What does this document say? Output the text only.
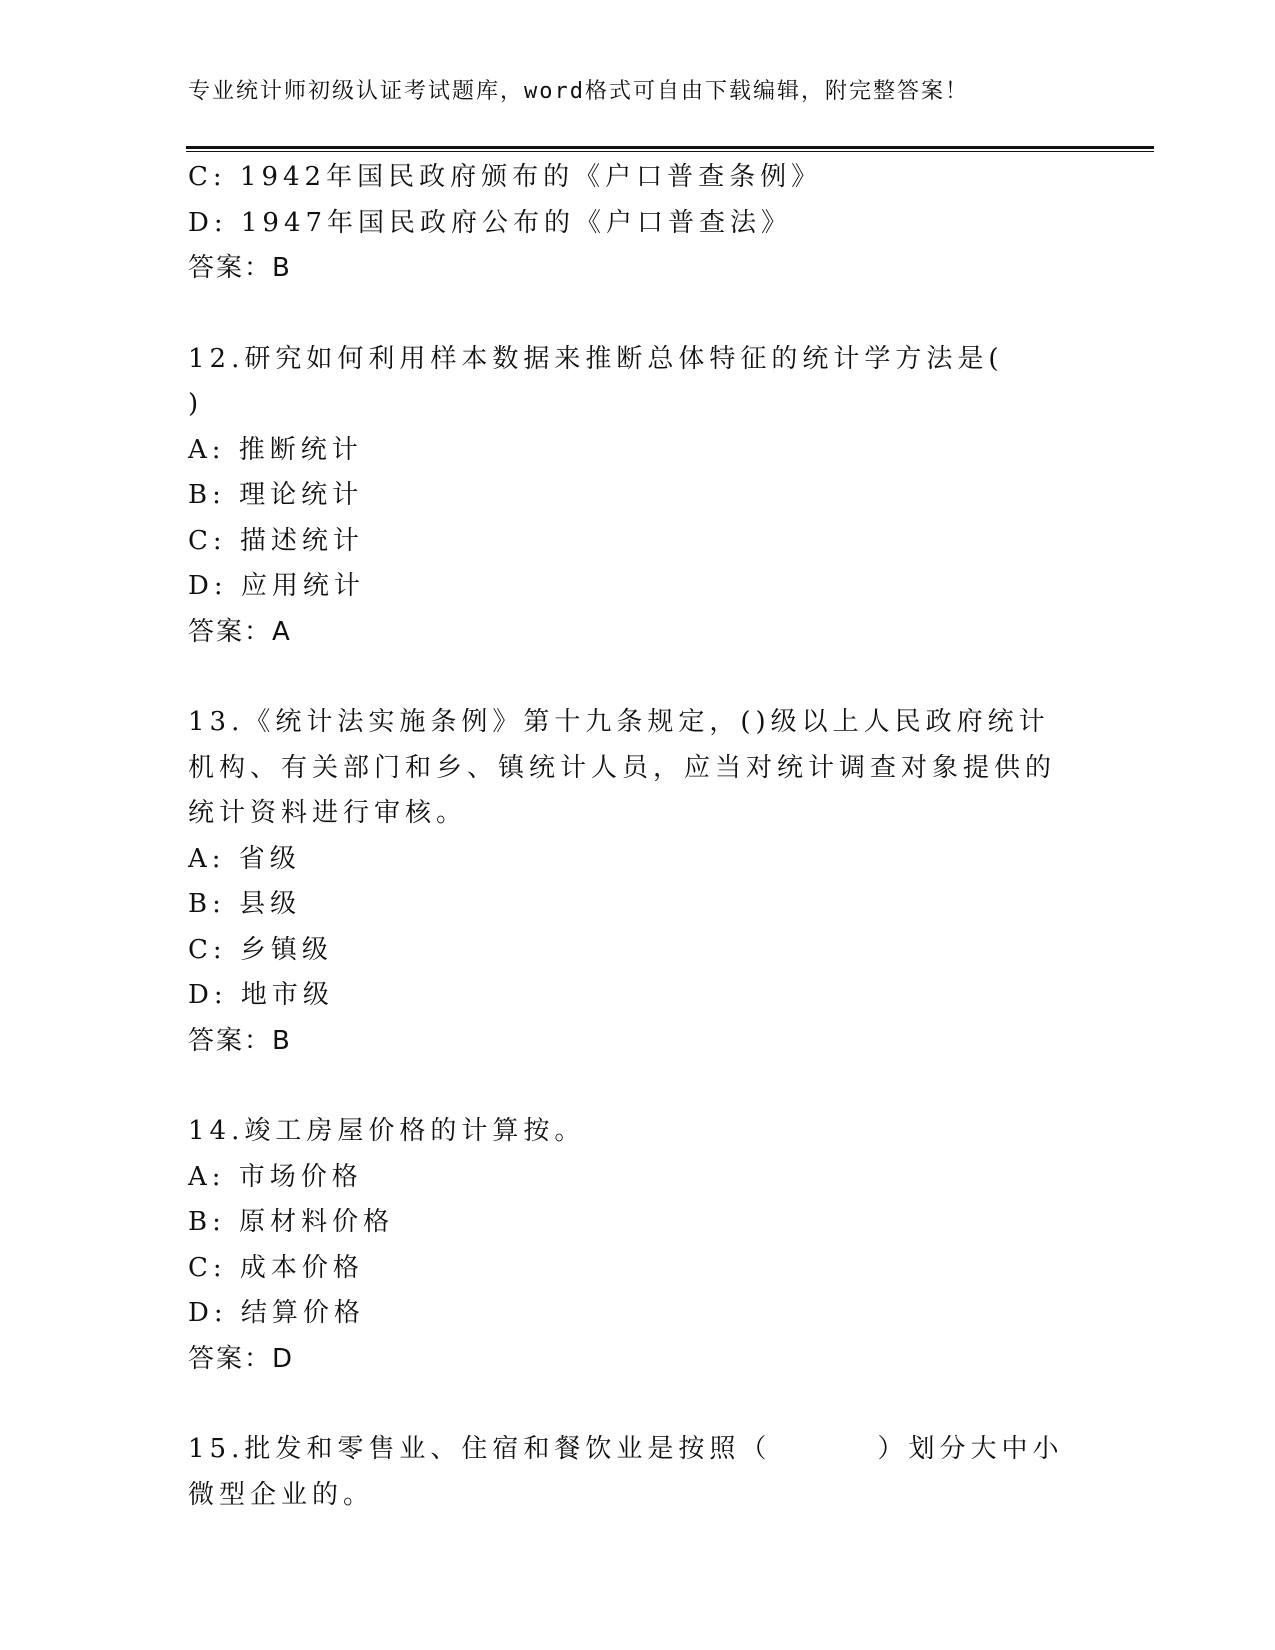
专业统计师初级认证考试题库，word格式可自由下载编辑，附完整答案！
C: 1942年国民政府颁布的《户口普查条例》
D: 1947年国民政府公布的《户口普查法》
答案：B
12.研究如何利用样本数据来推断总体特征的统计学方法是(      )
A: 推断统计
B: 理论统计
C: 描述统计
D: 应用统计
答案：A
13.《统计法实施条例》第十九条规定，()级以上人民政府统计机构、有关部门和乡、镇统计人员，应当对统计调查对象提供的统计资料进行审核。
A: 省级
B: 县级
C: 乡镇级
D: 地市级
答案：B
14.竣工房屋价格的计算按。
A: 市场价格
B: 原材料价格
C: 成本价格
D: 结算价格
答案：D
15.批发和零售业、住宿和餐饮业是按照（        ）划分大中小微型企业的。
